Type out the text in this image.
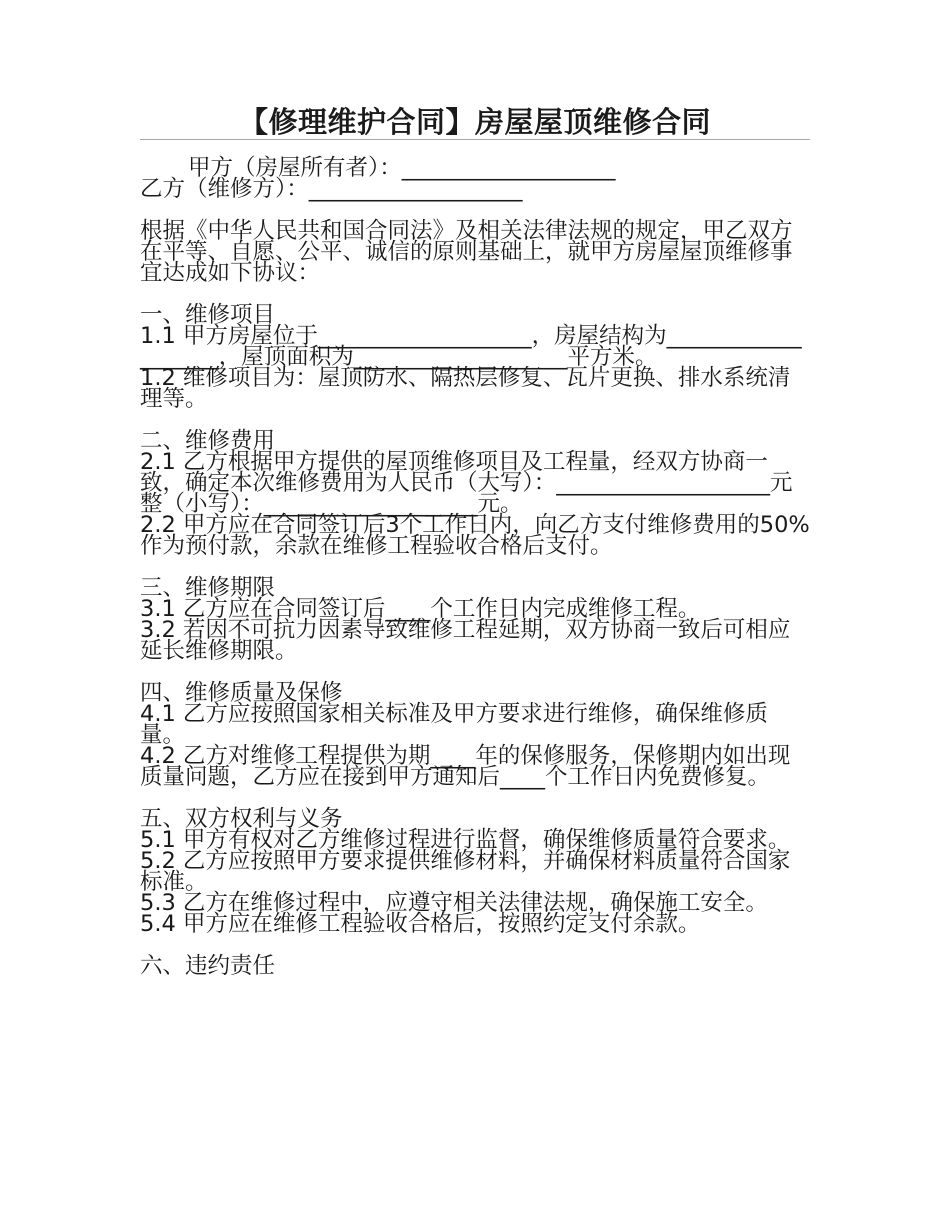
【修理维护合同】房屋屋顶维修合同

甲方（房屋所有者）：___________________

乙方（维修方）：___________________

根据《中华人民共和国合同法》及相关法律法规的规定，甲乙双方在平等、自愿、公平、诚信的原则基础上，就甲方房屋屋顶维修事宜达成如下协议：

一、维修项目

1.1 甲方房屋位于___________________，房屋结构为___________________，屋顶面积为___________________平方米。

1.2 维修项目为：屋顶防水、隔热层修复、瓦片更换、排水系统清理等。

二、维修费用

2.1 乙方根据甲方提供的屋顶维修项目及工程量，经双方协商一致，确定本次维修费用为人民币（大写）：___________________元整（小写）：___________________元。

2.2 甲方应在合同签订后3个工作日内，向乙方支付维修费用的50%作为预付款，余款在维修工程验收合格后支付。

三、维修期限

3.1 乙方应在合同签订后____个工作日内完成维修工程。

3.2 若因不可抗力因素导致维修工程延期，双方协商一致后可相应延长维修期限。

四、维修质量及保修

4.1 乙方应按照国家相关标准及甲方要求进行维修，确保维修质量。

4.2 乙方对维修工程提供为期____年的保修服务，保修期内如出现质量问题，乙方应在接到甲方通知后____个工作日内免费修复。

五、双方权利与义务

5.1 甲方有权对乙方维修过程进行监督，确保维修质量符合要求。

5.2 乙方应按照甲方要求提供维修材料，并确保材料质量符合国家标准。

5.3 乙方在维修过程中，应遵守相关法律法规，确保施工安全。

5.4 甲方应在维修工程验收合格后，按照约定支付余款。

六、违约责任
